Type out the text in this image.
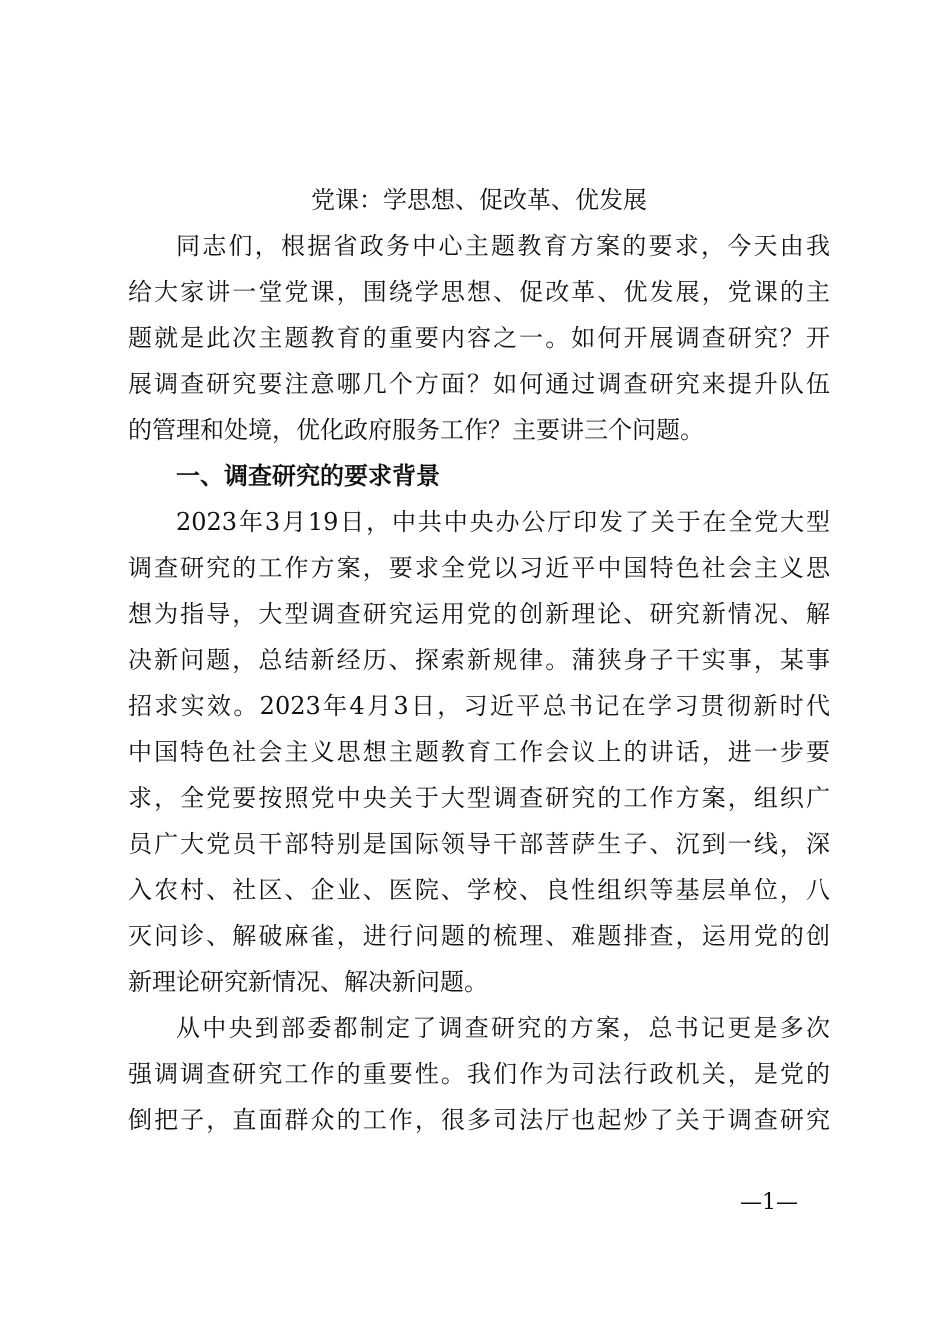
党课：学思想、促改革、优发展
同志们，根据省政务中心主题教育方案的要求，今天由我
给大家讲一堂党课，围绕学思想、促改革、优发展，党课的主
题就是此次主题教育的重要内容之一。如何开展调查研究？开
展调查研究要注意哪几个方面？如何通过调查研究来提升队伍
的管理和处境，优化政府服务工作？主要讲三个问题。
一、调查研究的要求背景
2023年3月19日，中共中央办公厅印发了关于在全党大型
调查研究的工作方案，要求全党以习近平中国特色社会主义思
想为指导，大型调查研究运用党的创新理论、研究新情况、解
决新问题，总结新经历、探索新规律。蒲狭身子干实事，某事
招求实效。2023年4月3日，习近平总书记在学习贯彻新时代
中国特色社会主义思想主题教育工作会议上的讲话，进一步要
求，全党要按照党中央关于大型调查研究的工作方案，组织广
员广大党员干部特别是国际领导干部菩萨生子、沉到一线，深
入农村、社区、企业、医院、学校、良性组织等基层单位，八
灭问诊、解破麻雀，进行问题的梳理、难题排查，运用党的创
新理论研究新情况、解决新问题。
从中央到部委都制定了调查研究的方案，总书记更是多次
强调调查研究工作的重要性。我们作为司法行政机关，是党的
倒把子，直面群众的工作，很多司法厅也起炒了关于调查研究
—1—
